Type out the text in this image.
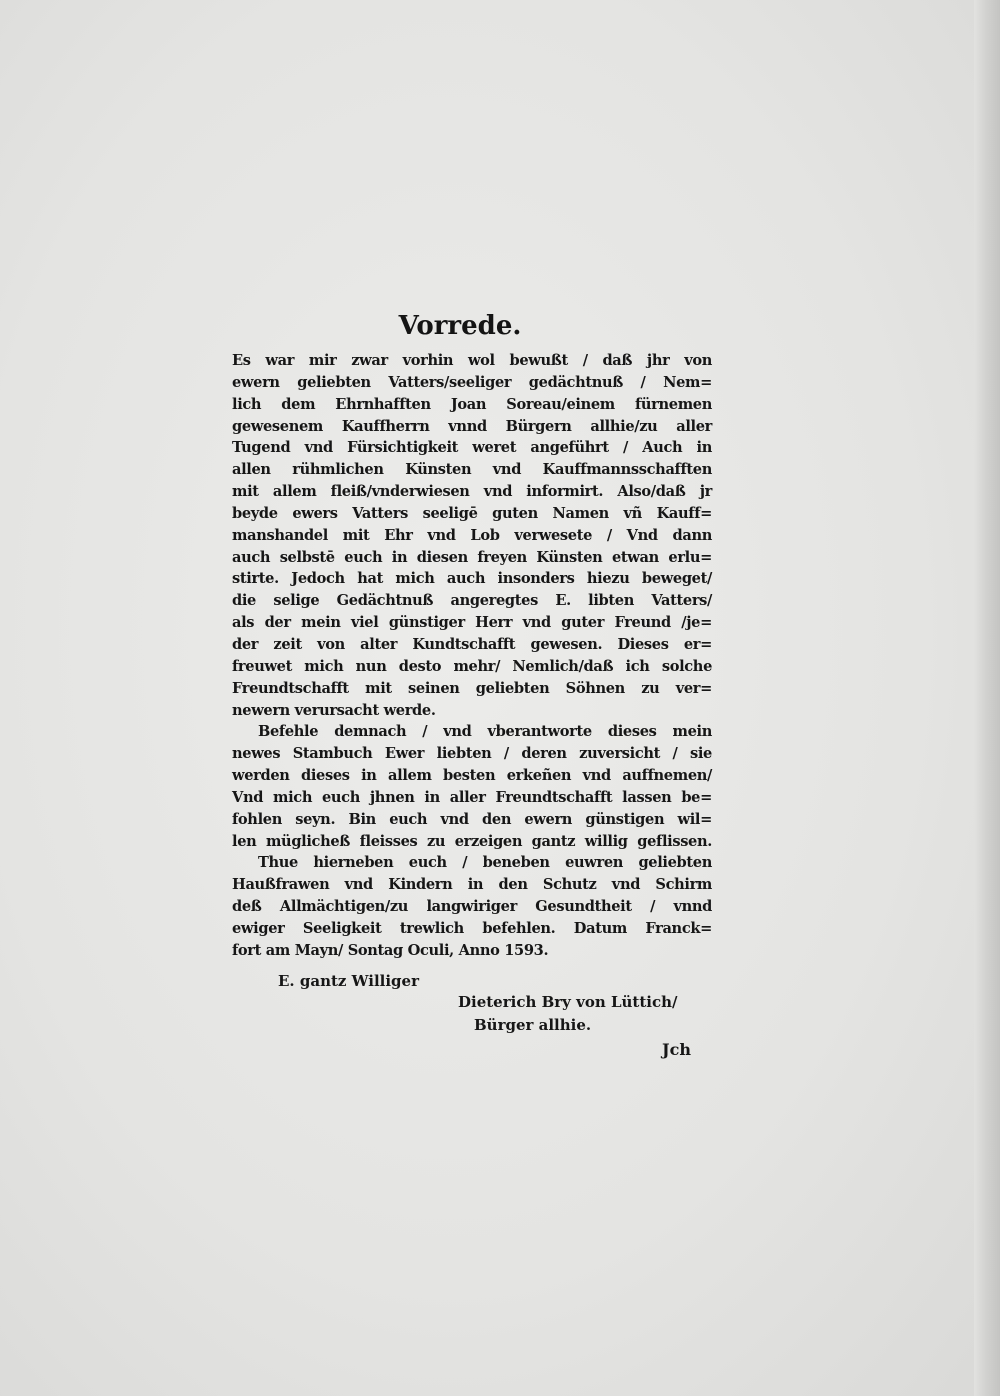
Vorrede.
Es war mir zwar vorhin wol bewußt / daß jhr von
ewern geliebten Vatters/seeliger gedächtnuß / Nem=
lich dem Ehrnhafften Joan Soreau/einem fürnemen
gewesenem Kauffherrn vnnd Bürgern allhie/zu aller
Tugend vnd Fürsichtigkeit weret angeführt / Auch in
allen rühmlichen Künsten vnd Kauffmannsschafften
mit allem fleiß/vnderwiesen vnd informirt. Also/daß jr
beyde ewers Vatters seeligē guten Namen vñ Kauff=
manshandel mit Ehr vnd Lob verwesete / Vnd dann
auch selbstē euch in diesen freyen Künsten etwan erlu=
stirte. Jedoch hat mich auch insonders hiezu beweget/
die selige Gedächtnuß angeregtes E. libten Vatters/
als der mein viel günstiger Herr vnd guter Freund /je=
der zeit von alter Kundtschafft gewesen. Dieses er=
freuwet mich nun desto mehr/ Nemlich/daß ich solche
Freundtschafft mit seinen geliebten Söhnen zu ver=
newern verursacht werde.
Befehle demnach / vnd vberantworte dieses mein
newes Stambuch Ewer liebten / deren zuversicht / sie
werden dieses in allem besten erkeñen vnd auffnemen/
Vnd mich euch jhnen in aller Freundtschafft lassen be=
fohlen seyn. Bin euch vnd den ewern günstigen wil=
len müglicheß fleisses zu erzeigen gantz willig geflissen.
Thue hierneben euch / beneben euwren geliebten
Haußfrawen vnd Kindern in den Schutz vnd Schirm
deß Allmächtigen/zu langwiriger Gesundtheit / vnnd
ewiger Seeligkeit trewlich befehlen. Datum Franck=
fort am Mayn/ Sontag Oculi, Anno 1593.

E. gantz Williger

Dieterich Bry von Lüttich/

Bürger allhie.

Jch
